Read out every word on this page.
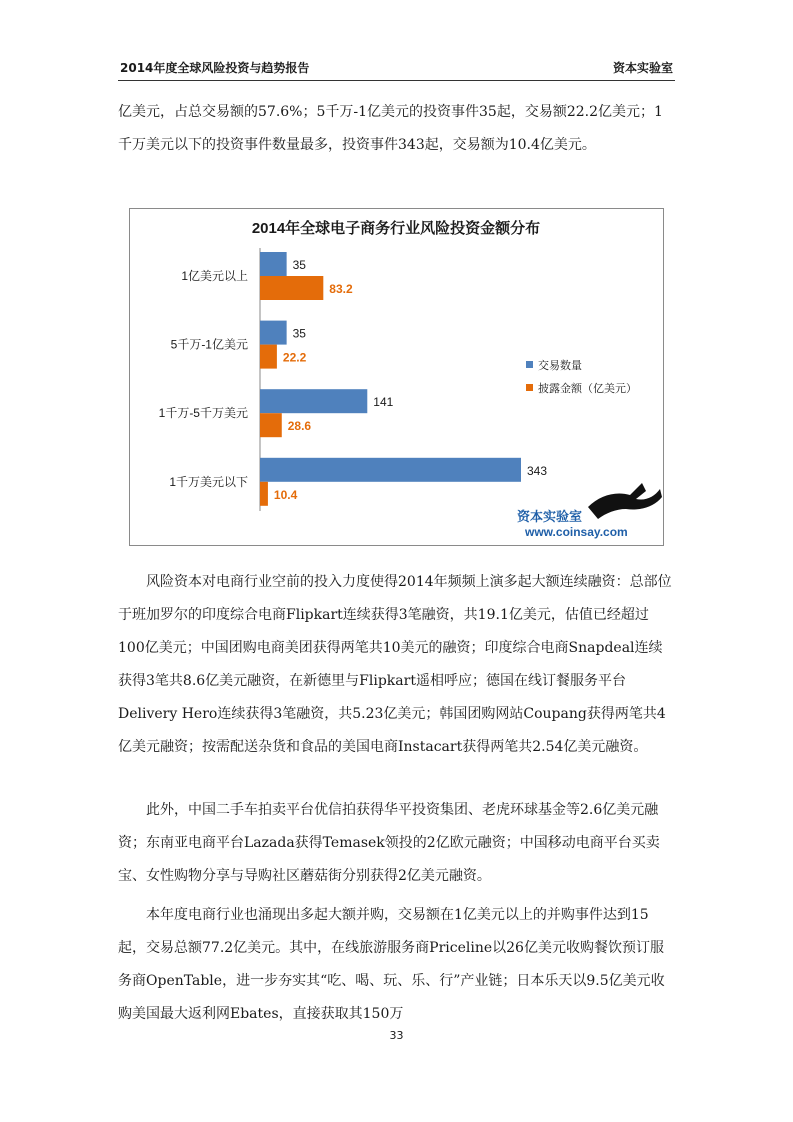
2014年度全球风险投资与趋势报告	资本实验室

亿美元，占总交易额的57.6%；5千万-1亿美元的投资事件35起，交易额22.2亿美元；1千万美元以下的投资事件数量最多，投资事件343起，交易额为10.4亿美元。

2014年全球电子商务行业风险投资金额分布
1亿美元以上
35
83.2
5千万-1亿美元
35
22.2
1千万-5千万美元
141
28.6
1千万美元以下
343
10.4
交易数量
披露金额（亿美元）
资本实验室
www.coinsay.com

风险资本对电商行业空前的投入力度使得2014年频频上演多起大额连续融资：总部位于班加罗尔的印度综合电商Flipkart连续获得3笔融资，共19.1亿美元，估值已经超过100亿美元；中国团购电商美团获得两笔共10美元的融资；印度综合电商Snapdeal连续获得3笔共8.6亿美元融资，在新德里与Flipkart遥相呼应；德国在线订餐服务平台Delivery Hero连续获得3笔融资，共5.23亿美元；韩国团购网站Coupang获得两笔共4亿美元融资；按需配送杂货和食品的美国电商Instacart获得两笔共2.54亿美元融资。

此外，中国二手车拍卖平台优信拍获得华平投资集团、老虎环球基金等2.6亿美元融资；东南亚电商平台Lazada获得Temasek领投的2亿欧元融资；中国移动电商平台买卖宝、女性购物分享与导购社区蘑菇街分别获得2亿美元融资。

本年度电商行业也涌现出多起大额并购，交易额在1亿美元以上的并购事件达到15起，交易总额77.2亿美元。其中，在线旅游服务商Priceline以26亿美元收购餐饮预订服务商OpenTable，进一步夯实其“吃、喝、玩、乐、行”产业链；日本乐天以9.5亿美元收购美国最大返利网Ebates，直接获取其150万

33
